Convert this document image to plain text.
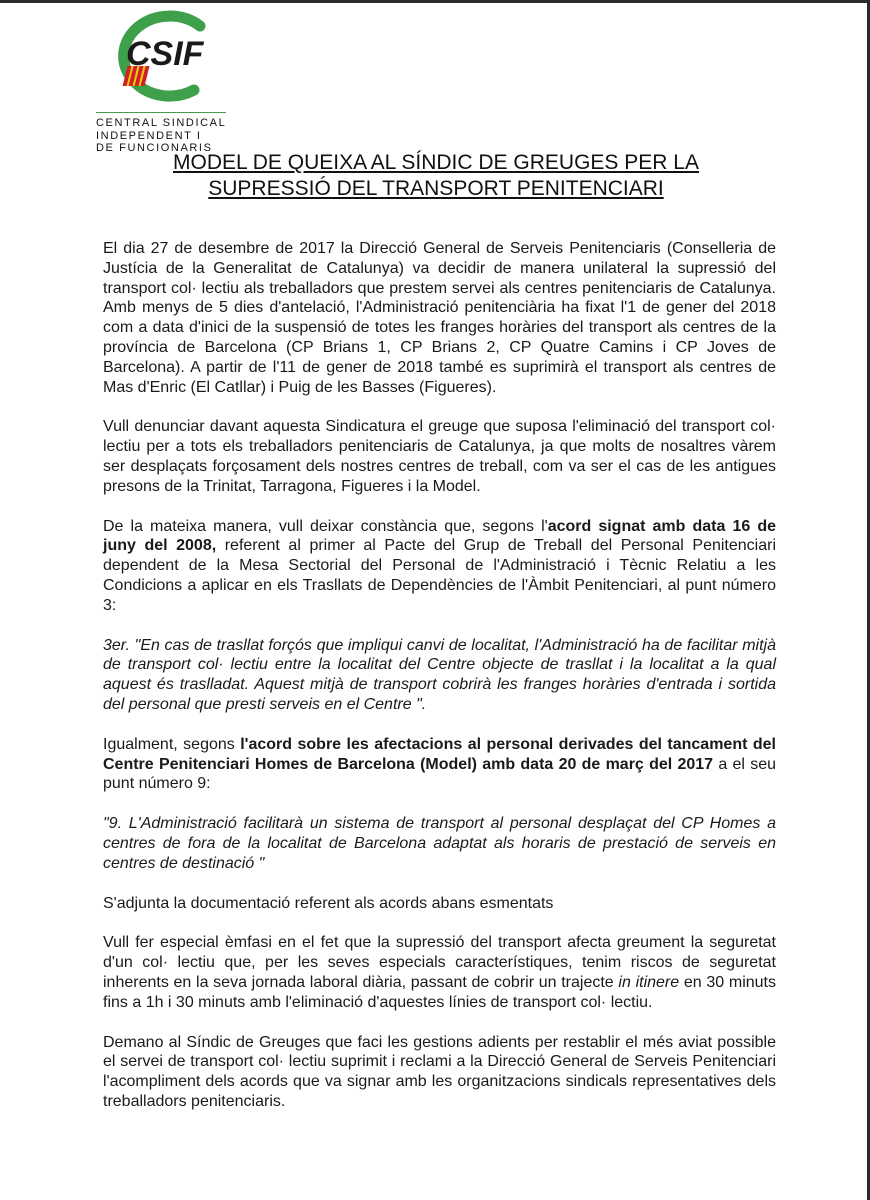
CSIF
CENTRAL SINDICAL
INDEPENDENT I
DE FUNCIONARIS
MODEL DE QUEIXA AL SÍNDIC DE GREUGES PER LA
SUPRESSIÓ DEL TRANSPORT PENITENCIARI

El dia 27 de desembre de 2017 la Direcció General de Serveis Penitenciaris (Conselleria de Justícia de la Generalitat de Catalunya) va decidir de manera unilateral la supressió del transport col· lectiu als treballadors que prestem servei als centres penitenciaris de Catalunya. Amb menys de 5 dies d'antelació, l'Administració penitenciària ha fixat l'1 de gener del 2018 com a data d'inici de la suspensió de totes les franges horàries del transport als centres de la província de Barcelona (CP Brians 1, CP Brians 2, CP Quatre Camins i CP Joves de Barcelona). A partir de l'11 de gener de 2018 també es suprimirà el transport als centres de Mas d'Enric (El Catllar) i Puig de les Basses (Figueres).

Vull denunciar davant aquesta Sindicatura el greuge que suposa l'eliminació del transport col· lectiu per a tots els treballadors penitenciaris de Catalunya, ja que molts de nosaltres vàrem ser desplaçats forçosament dels nostres centres de treball, com va ser el cas de les antigues presons de la Trinitat, Tarragona, Figueres i la Model.

De la mateixa manera, vull deixar constància que, segons l'acord signat amb data 16 de juny del 2008, referent al primer al Pacte del Grup de Treball del Personal Penitenciari dependent de la Mesa Sectorial del Personal de l'Administració i Tècnic Relatiu a les Condicions a aplicar en els Trasllats de Dependències de l'Àmbit Penitenciari, al punt número 3:

3er. "En cas de trasllat forçós que impliqui canvi de localitat, l'Administració ha de facilitar mitjà de transport col· lectiu entre la localitat del Centre objecte de trasllat i la localitat a la qual aquest és traslladat. Aquest mitjà de transport cobrirà les franges horàries d'entrada i sortida del personal que presti serveis en el Centre ".

Igualment, segons l'acord sobre les afectacions al personal derivades del tancament del Centre Penitenciari Homes de Barcelona (Model) amb data 20 de març del 2017 a el seu punt número 9:

"9. L'Administració facilitarà un sistema de transport al personal desplaçat del CP Homes a centres de fora de la localitat de Barcelona adaptat als horaris de prestació de serveis en centres de destinació "

S'adjunta la documentació referent als acords abans esmentats

Vull fer especial èmfasi en el fet que la supressió del transport afecta greument la seguretat d'un col· lectiu que, per les seves especials característiques, tenim riscos de seguretat inherents en la seva jornada laboral diària, passant de cobrir un trajecte in itinere en 30 minuts fins a 1h i 30 minuts amb l'eliminació d'aquestes línies de transport col· lectiu.

Demano al Síndic de Greuges que faci les gestions adients per restablir el més aviat possible el servei de transport col· lectiu suprimit i reclami a la Direcció General de Serveis Penitenciari l'acompliment dels acords que va signar amb les organitzacions sindicals representatives dels treballadors penitenciaris.
